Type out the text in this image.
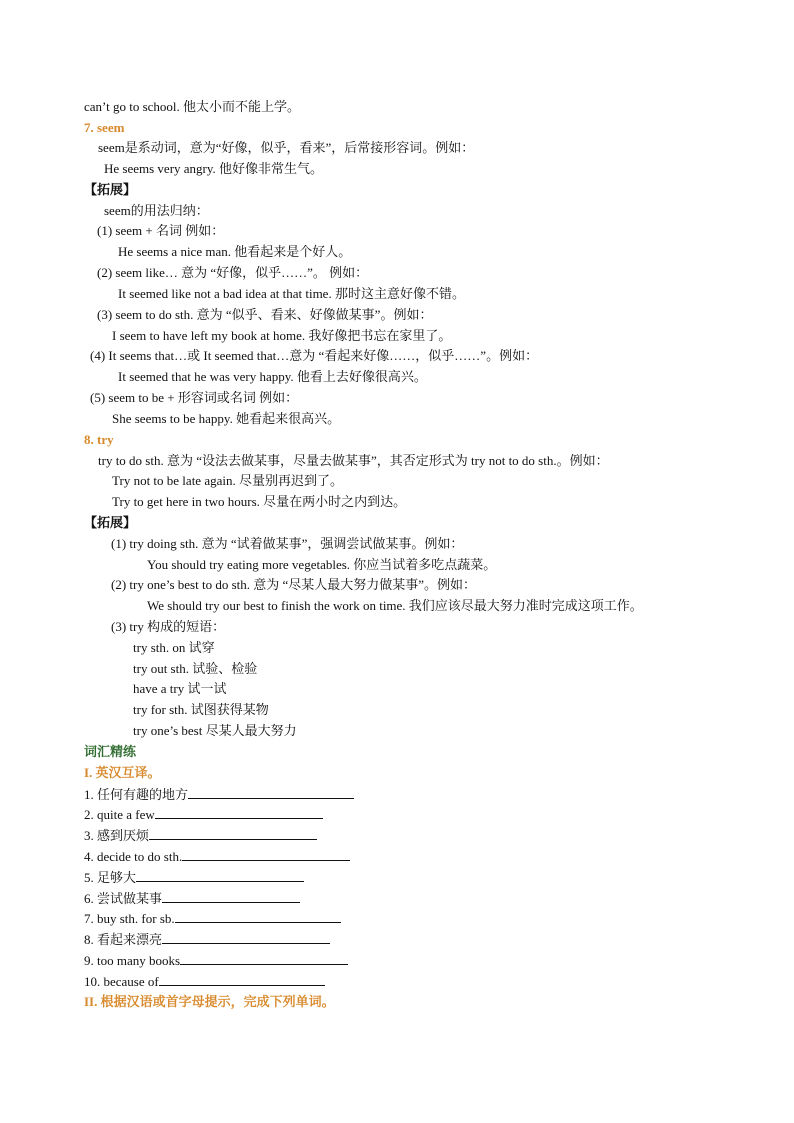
can’t go to school. 他太小而不能上学。
7. seem
seem是系动词，意为“好像，似乎，看来”，后常接形容词。例如：
He seems very angry. 他好像非常生气。
【拓展】
seem的用法归纳：
(1) seem + 名词 例如：
He seems a nice man. 他看起来是个好人。
(2) seem like… 意为 “好像，似乎……”。 例如：
It seemed like not a bad idea at that time. 那时这主意好像不错。
(3) seem to do sth. 意为 “似乎、看来、好像做某事”。例如：
I seem to have left my book at home. 我好像把书忘在家里了。
(4) It seems that…或 It seemed that…意为 “看起来好像……，似乎……”。例如：
It seemed that he was very happy. 他看上去好像很高兴。
(5) seem to be + 形容词或名词 例如：
She seems to be happy. 她看起来很高兴。
8. try
try to do sth. 意为 “设法去做某事，尽量去做某事”，其否定形式为 try not to do sth.。例如：
Try not to be late again. 尽量别再迟到了。
Try to get here in two hours. 尽量在两小时之内到达。
【拓展】
(1) try doing sth. 意为 “试着做某事”，强调尝试做某事。例如：
You should try eating more vegetables. 你应当试着多吃点蔬菜。
(2) try one’s best to do sth. 意为 “尽某人最大努力做某事”。例如：
We should try our best to finish the work on time. 我们应该尽最大努力准时完成这项工作。
(3) try 构成的短语：
try sth. on 试穿
try out sth. 试验、检验
have a try 试一试
try for sth. 试图获得某物
try one’s best 尽某人最大努力
词汇精练
I. 英汉互译。
1. 任何有趣的地方
2. quite a few
3. 感到厌烦
4. decide to do sth.
5. 足够大
6. 尝试做某事
7. buy sth. for sb.
8. 看起来漂亮
9. too many books
10. because of
II. 根据汉语或首字母提示，完成下列单词。
